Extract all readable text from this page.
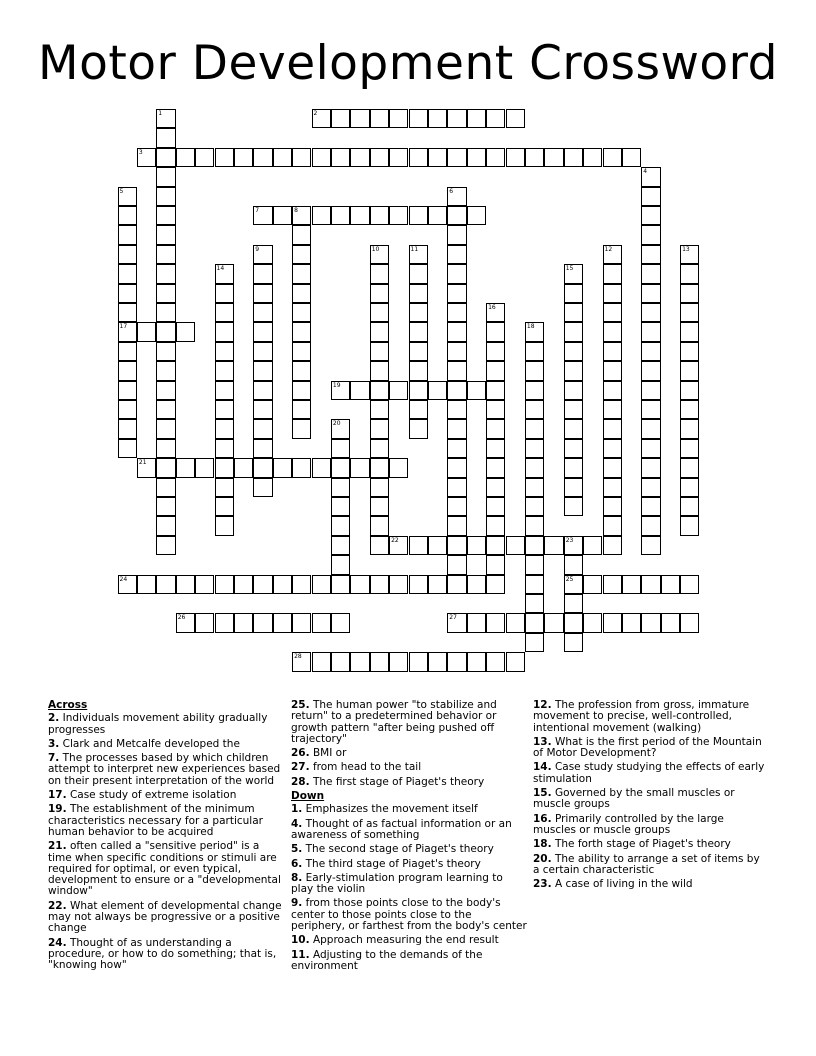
Motor Development Crossword
1	2
3
4
5
17
6
7	8
9	10	11	12	13
14	15
16
18
19
20
21
22	23
25
24
26	27
28
Across
2. Individuals movement ability gradually progresses
3. Clark and Metcalfe developed the
7. The processes based by which children attempt to interpret new experiences based on their present interpretation of the world
17. Case study of extreme isolation
19. The establishment of the minimum characteristics necessary for a particular human behavior to be acquired
21. often called a "sensitive period" is a time when specific conditions or stimuli are required for optimal, or even typical, development to ensure or a "developmental window"
22. What element of developmental change may not always be progressive or a positive change
24. Thought of as understanding a procedure, or how to do something; that is, "knowing how"
25. The human power "to stabilize and return" to a predetermined behavior or growth pattern "after being pushed off trajectory"
26. BMI or
27. from head to the tail
28. The first stage of Piaget's theory
Down
1. Emphasizes the movement itself
4. Thought of as factual information or an awareness of something
5. The second stage of Piaget's theory
6. The third stage of Piaget's theory
8. Early-stimulation program learning to play the violin
9. from those points close to the body's center to those points close to the periphery, or farthest from the body's center
10. Approach measuring the end result
11. Adjusting to the demands of the environment
12. The profession from gross, immature movement to precise, well-controlled, intentional movement (walking)
13. What is the first period of the Mountain of Motor Development?
14. Case study studying the effects of early stimulation
15. Governed by the small muscles or muscle groups
16. Primarily controlled by the large muscles or muscle groups
18. The forth stage of Piaget's theory
20. The ability to arrange a set of items by a certain characteristic
23. A case of living in the wild
